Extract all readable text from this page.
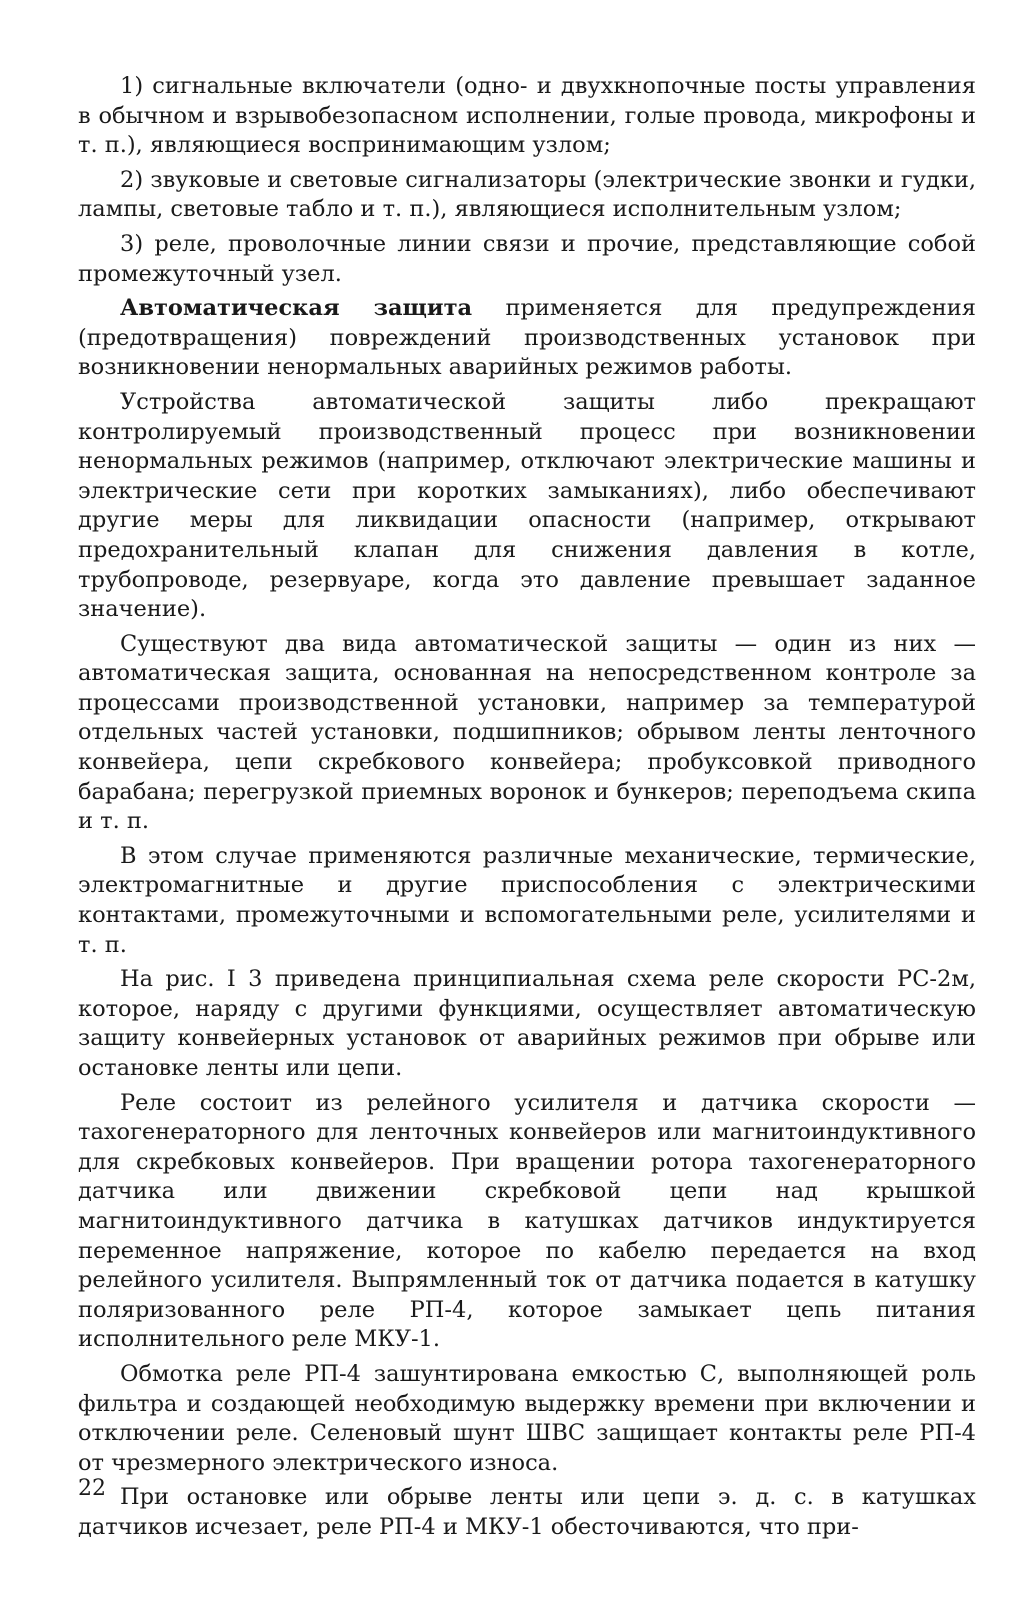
1) сигнальные включатели (одно- и двухкнопочные посты управления в обычном и взрывобезопасном исполнении, голые провода, микрофоны и т. п.), являющиеся воспринимающим узлом;

2) звуковые и световые сигнализаторы (электрические звонки и гудки, лампы, световые табло и т. п.), являющиеся исполнительным узлом;

3) реле, проволочные линии связи и прочие, представляющие собой промежуточный узел.

Автоматическая защита применяется для предупреждения (предотвращения) повреждений производственных установок при возникновении ненормальных аварийных режимов работы.

Устройства автоматической защиты либо прекращают контролируемый производственный процесс при возникновении ненормальных режимов (например, отключают электрические машины и электрические сети при коротких замыканиях), либо обеспечивают другие меры для ликвидации опасности (например, открывают предохранительный клапан для снижения давления в котле, трубопроводе, резервуаре, когда это давление превышает заданное значение).

Существуют два вида автоматической защиты — один из них — автоматическая защита, основанная на непосредственном контроле за процессами производственной установки, например за температурой отдельных частей установки, подшипников; обрывом ленты ленточного конвейера, цепи скребкового конвейера; пробуксовкой приводного барабана; перегрузкой приемных воронок и бункеров; переподъема скипа и т. п.

В этом случае применяются различные механические, термические, электромагнитные и другие приспособления с электрическими контактами, промежуточными и вспомогательными реле, усилителями и т. п.

На рис. I 3 приведена принципиальная схема реле скорости РС-2м, которое, наряду с другими функциями, осуществляет автоматическую защиту конвейерных установок от аварийных режимов при обрыве или остановке ленты или цепи.

Реле состоит из релейного усилителя и датчика скорости — тахогенераторного для ленточных конвейеров или магнитоиндуктивного для скребковых конвейеров. При вращении ротора тахогенераторного датчика или движении скребковой цепи над крышкой магнитоиндуктивного датчика в катушках датчиков индуктируется переменное напряжение, которое по кабелю передается на вход релейного усилителя. Выпрямленный ток от датчика подается в катушку поляризованного реле РП-4, которое замыкает цепь питания исполнительного реле МКУ-1.

Обмотка реле РП-4 зашунтирована емкостью С, выполняющей роль фильтра и создающей необходимую выдержку времени при включении и отключении реле. Селеновый шунт ШВС защищает контакты реле РП-4 от чрезмерного электрического износа.

При остановке или обрыве ленты или цепи э. д. с. в катушках датчиков исчезает, реле РП-4 и МКУ-1 обесточиваются, что при-

22
